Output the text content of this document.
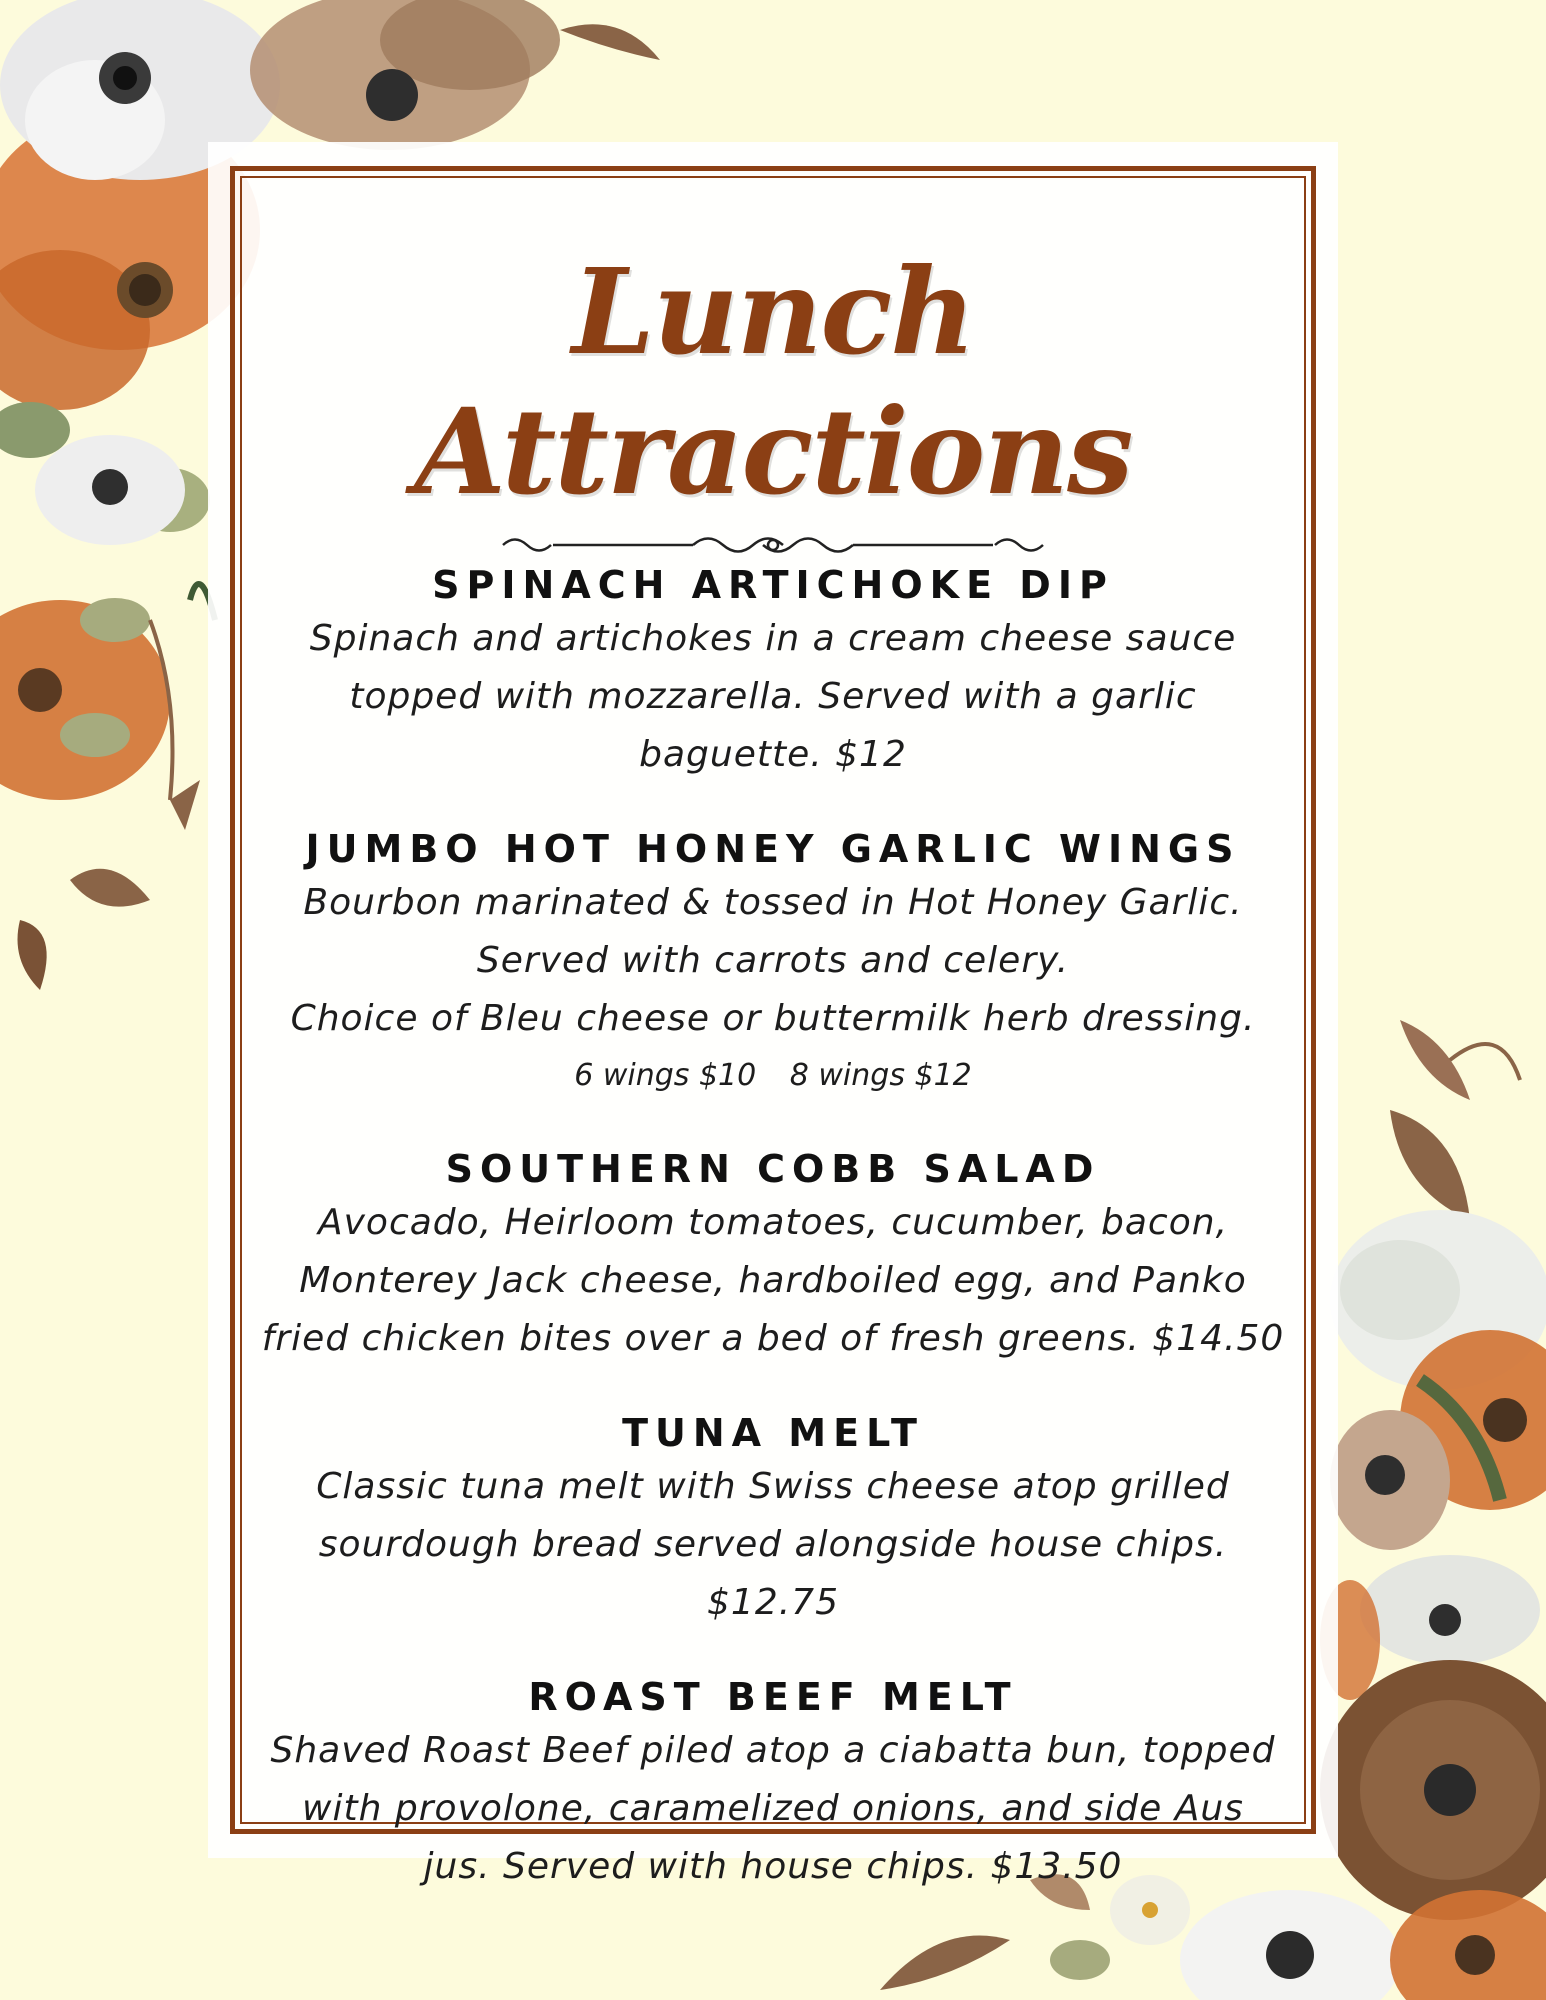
Lunch Attractions
SPINACH ARTICHOKE DIP
Spinach and artichokes in a cream cheese sauce
topped with mozzarella. Served with a garlic
baguette. $12
JUMBO HOT HONEY GARLIC WINGS
Bourbon marinated & tossed in Hot Honey Garlic.
Served with carrots and celery.
Choice of Bleu cheese or buttermilk herb dressing.
6 wings $10 8 wings $12
SOUTHERN COBB SALAD
Avocado, Heirloom tomatoes, cucumber, bacon,
Monterey Jack cheese, hardboiled egg, and Panko
fried chicken bites over a bed of fresh greens. $14.50
TUNA MELT
Classic tuna melt with Swiss cheese atop grilled
sourdough bread served alongside house chips.
$12.75
ROAST BEEF MELT
Shaved Roast Beef piled atop a ciabatta bun, topped
with provolone, caramelized onions, and side Aus
jus. Served with house chips. $13.50
